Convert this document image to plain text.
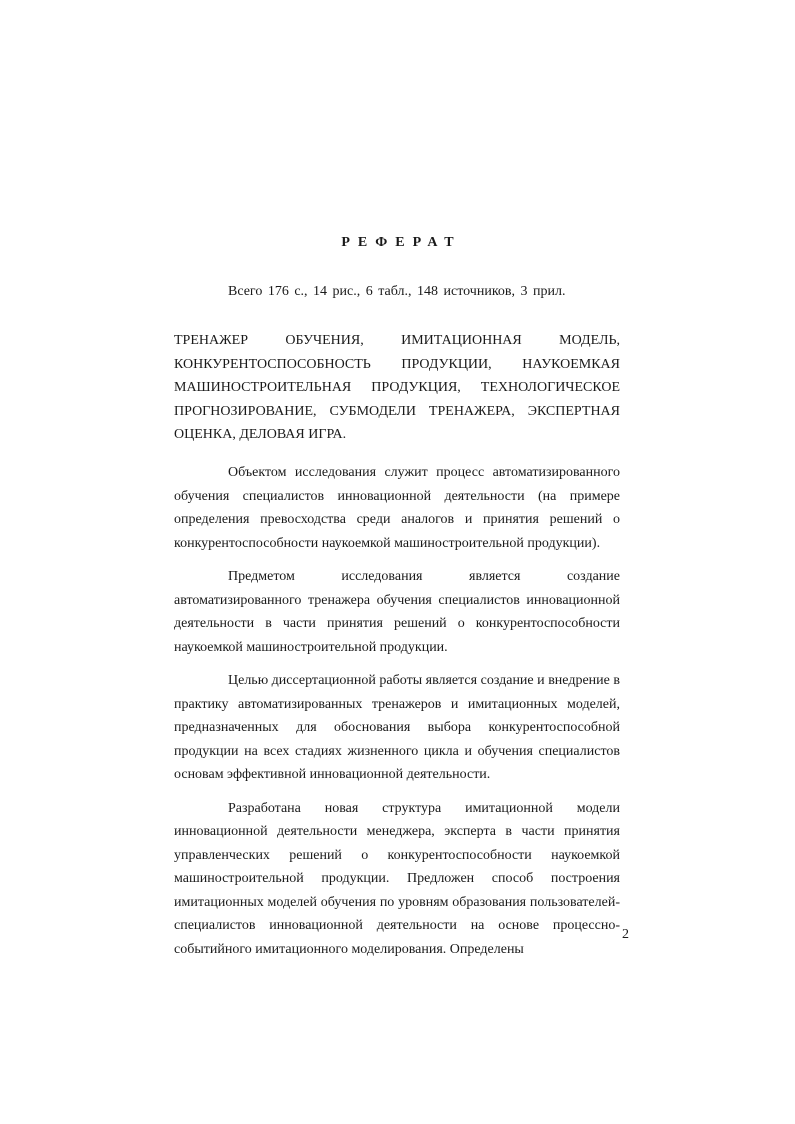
РЕФЕРАТ
Всего 176 с., 14 рис., 6 табл., 148 источников, 3 прил.
ТРЕНАЖЕР ОБУЧЕНИЯ, ИМИТАЦИОННАЯ МОДЕЛЬ, КОНКУРЕНТОСПОСОБНОСТЬ ПРОДУКЦИИ, НАУКОЕМКАЯ МАШИНОСТРОИТЕЛЬНАЯ ПРОДУКЦИЯ, ТЕХНОЛОГИЧЕСКОЕ ПРОГНОЗИРОВАНИЕ, СУБМОДЕЛИ ТРЕНАЖЕРА, ЭКСПЕРТНАЯ ОЦЕНКА, ДЕЛОВАЯ ИГРА.

Объектом исследования служит процесс автоматизированного обучения специалистов инновационной деятельности (на примере определения превосходства среди аналогов и принятия решений о конкурентоспособности наукоемкой машиностроительной продукции).

Предметом исследования является создание автоматизированного тренажера обучения специалистов инновационной деятельности в части принятия решений о конкурентоспособности наукоемкой машиностроительной продукции.

Целью диссертационной работы является создание и внедрение в практику автоматизированных тренажеров и имитационных моделей, предназначенных для обоснования выбора конкурентоспособной продукции на всех стадиях жизненного цикла и обучения специалистов основам эффективной инновационной деятельности.

Разработана новая структура имитационной модели инновационной деятельности менеджера, эксперта в части принятия управленческих решений о конкурентоспособности наукоемкой машиностроительной продукции. Предложен способ построения имитационных моделей обучения по уровням образования пользователей-специалистов инновационной деятельности на основе процессно-событийного имитационного моделирования. Определены

2
